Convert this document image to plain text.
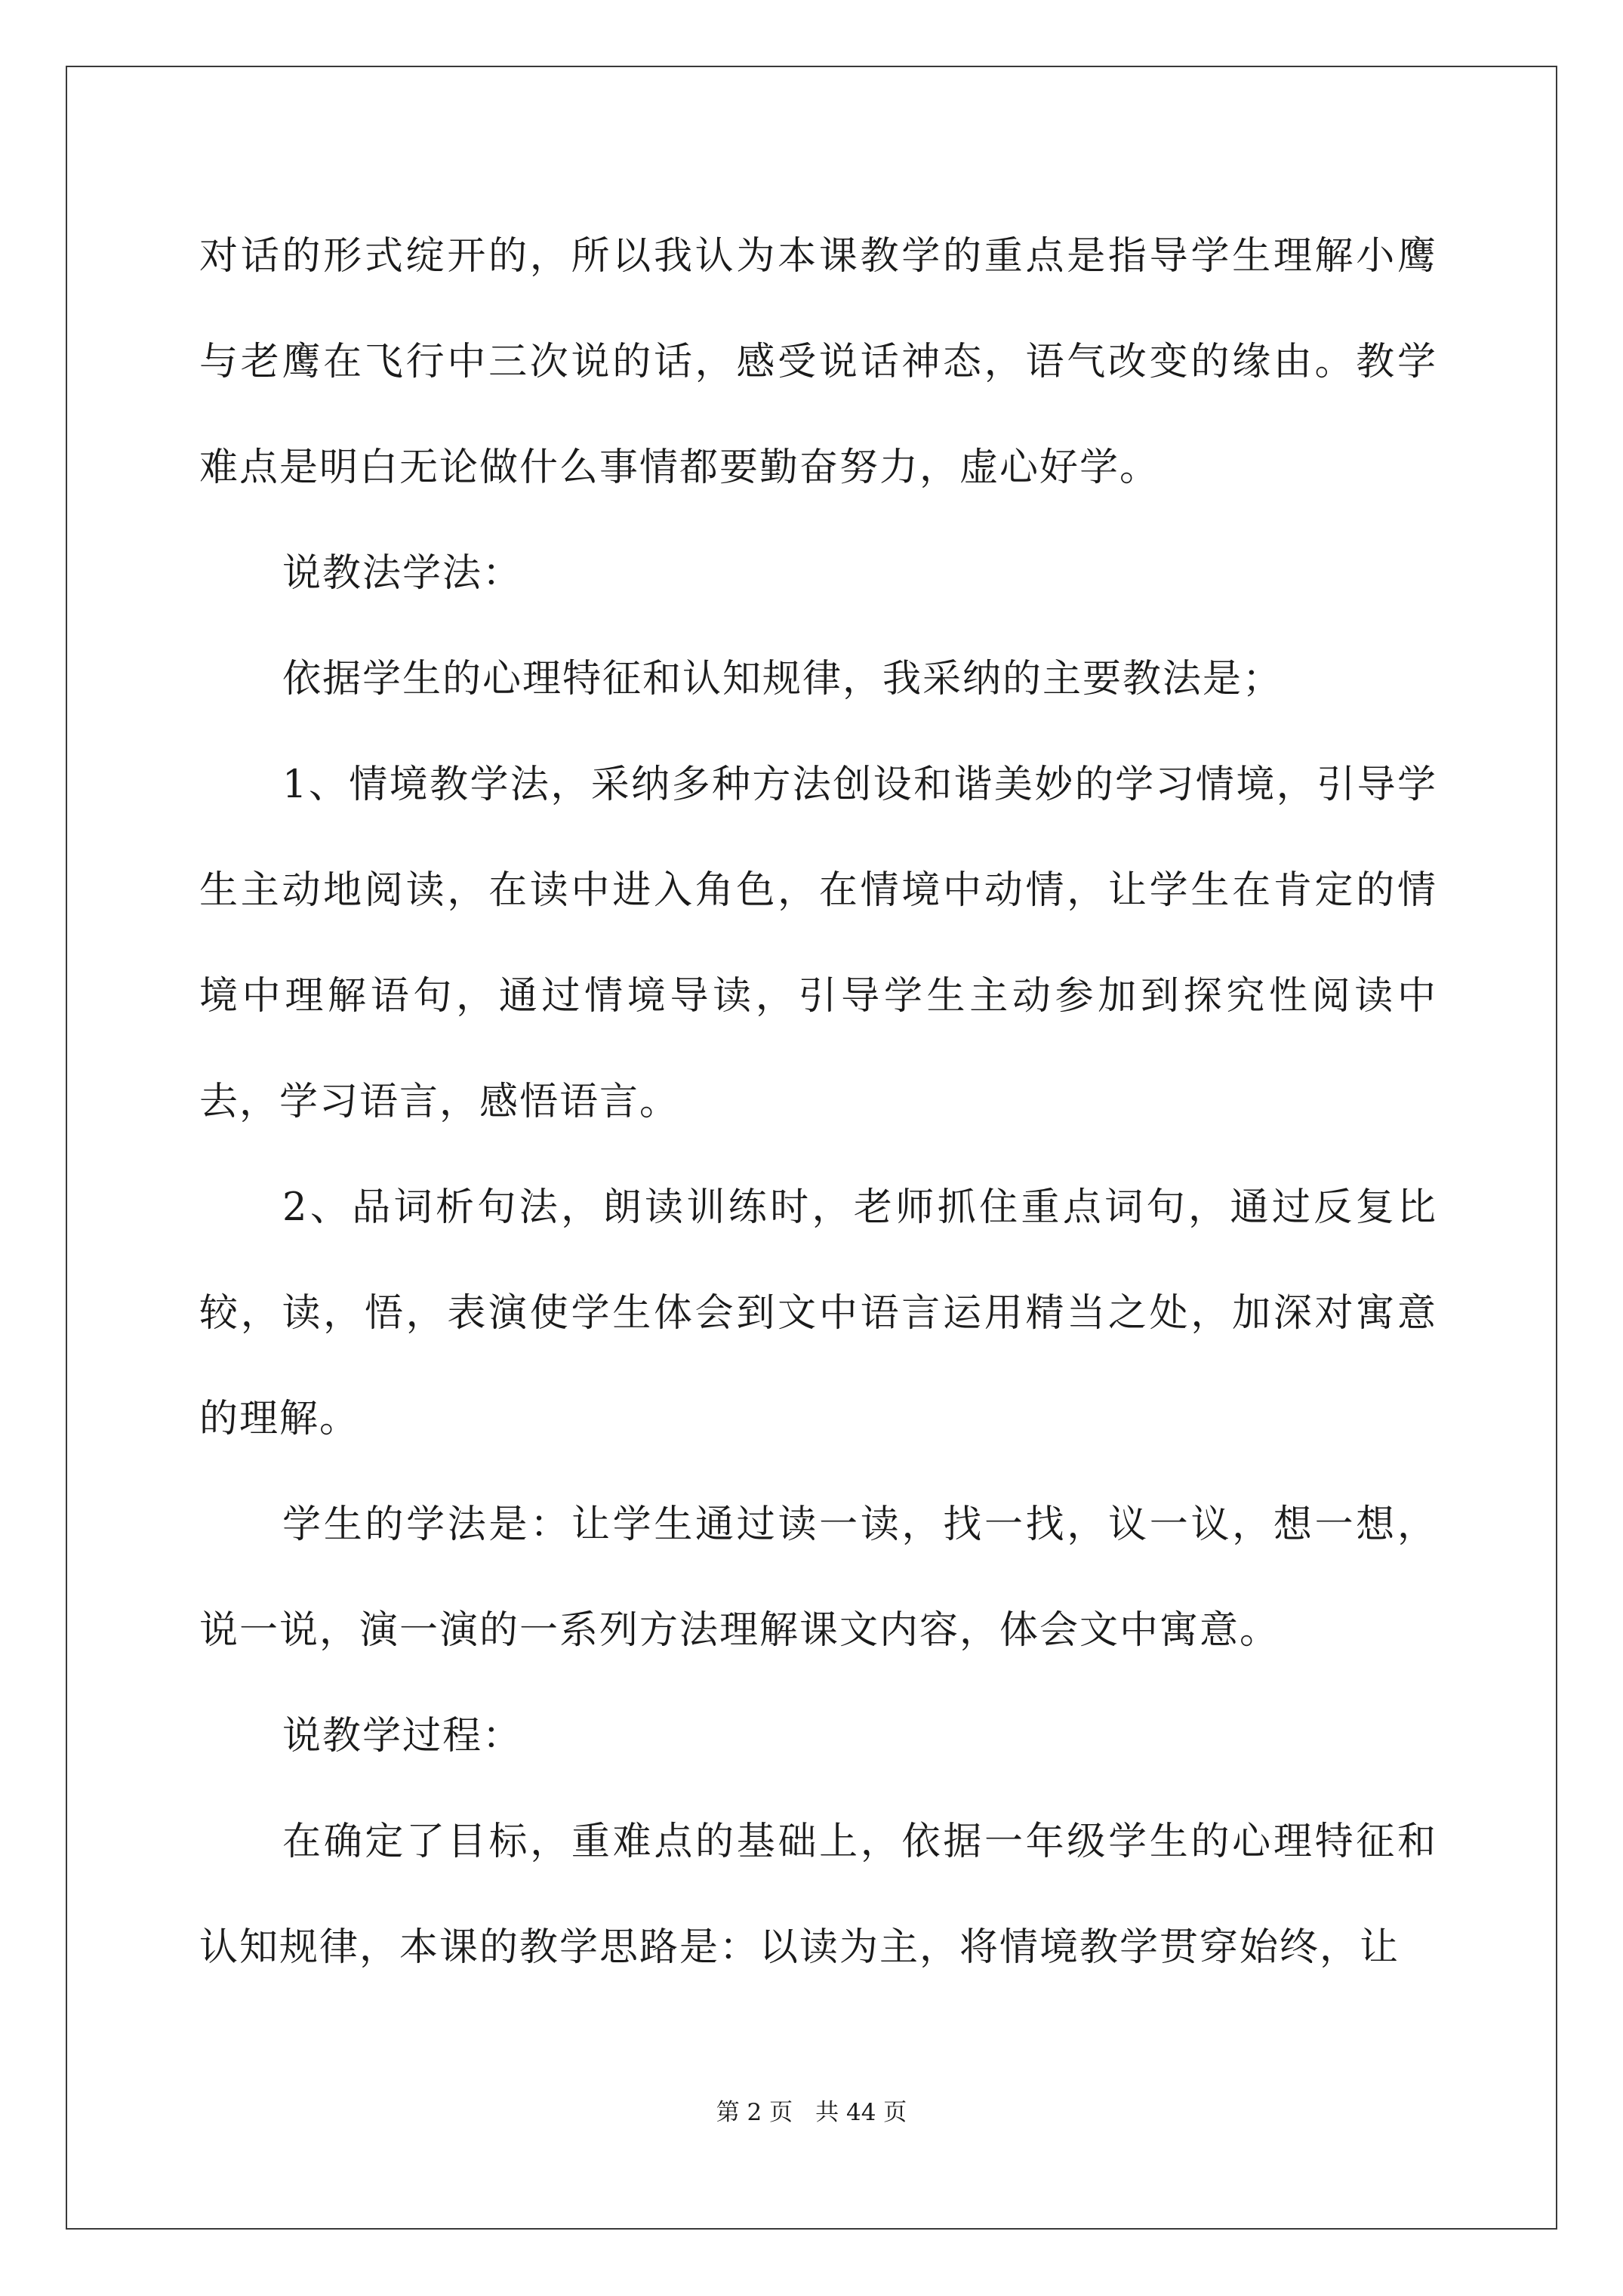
对话的形式绽开的，所以我认为本课教学的重点是指导学生理解小鹰与老鹰在飞行中三次说的话，感受说话神态，语气改变的缘由。教学难点是明白无论做什么事情都要勤奋努力，虚心好学。

说教法学法：

依据学生的心理特征和认知规律，我采纳的主要教法是；

1、情境教学法，采纳多种方法创设和谐美妙的学习情境，引导学生主动地阅读，在读中进入角色，在情境中动情，让学生在肯定的情境中理解语句，通过情境导读，引导学生主动参加到探究性阅读中去，学习语言，感悟语言。

2、品词析句法，朗读训练时，老师抓住重点词句，通过反复比较，读，悟，表演使学生体会到文中语言运用精当之处，加深对寓意的理解。

学生的学法是：让学生通过读一读，找一找，议一议，想一想，说一说，演一演的一系列方法理解课文内容，体会文中寓意。

说教学过程：

在确定了目标，重难点的基础上，依据一年级学生的心理特征和认知规律，本课的教学思路是：以读为主，将情境教学贯穿始终，让

第 2 页 共 44 页
